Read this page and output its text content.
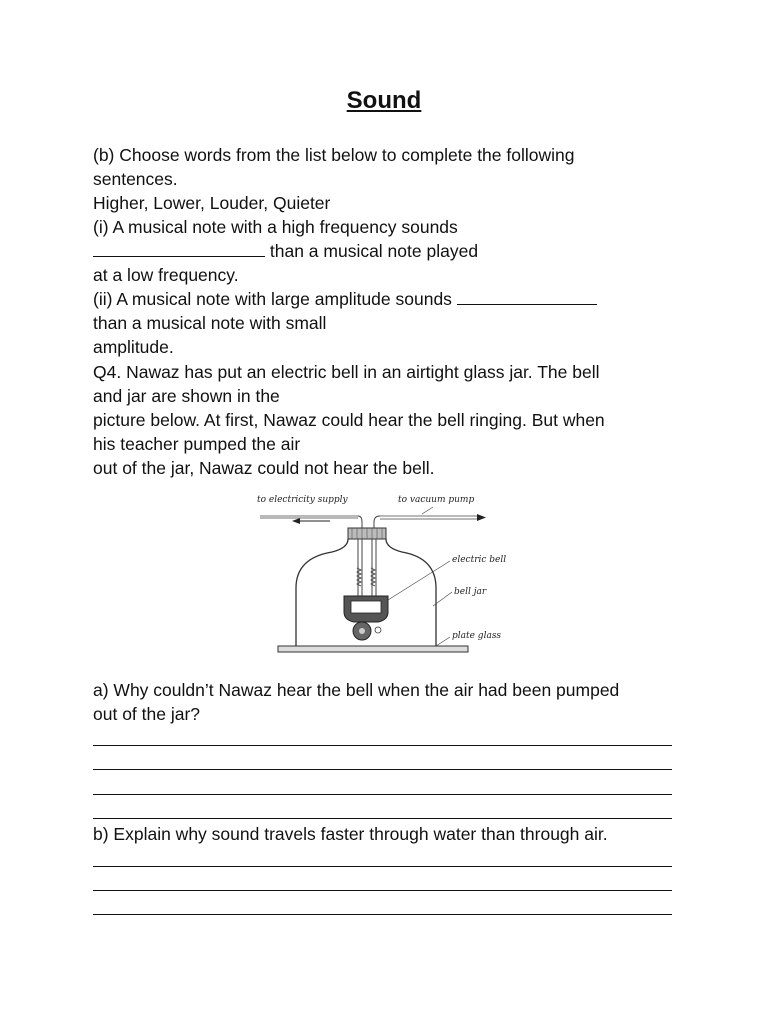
Sound
(b) Choose words from the list below to complete the following
sentences.
Higher, Lower, Louder, Quieter
(i) A musical note with a high frequency sounds
than a musical note played
at a low frequency.
(ii) A musical note with large amplitude sounds
than a musical note with small
amplitude.
Q4. Nawaz has put an electric bell in an airtight glass jar. The bell
and jar are shown in the
picture below. At first, Nawaz could hear the bell ringing. But when
his teacher pumped the air
out of the jar, Nawaz could not hear the bell.
to electricity supply	to vacuum pump
electric bell
bell jar
plate glass
a) Why couldn’t Nawaz hear the bell when the air had been pumped
out of the jar?
b) Explain why sound travels faster through water than through air.
